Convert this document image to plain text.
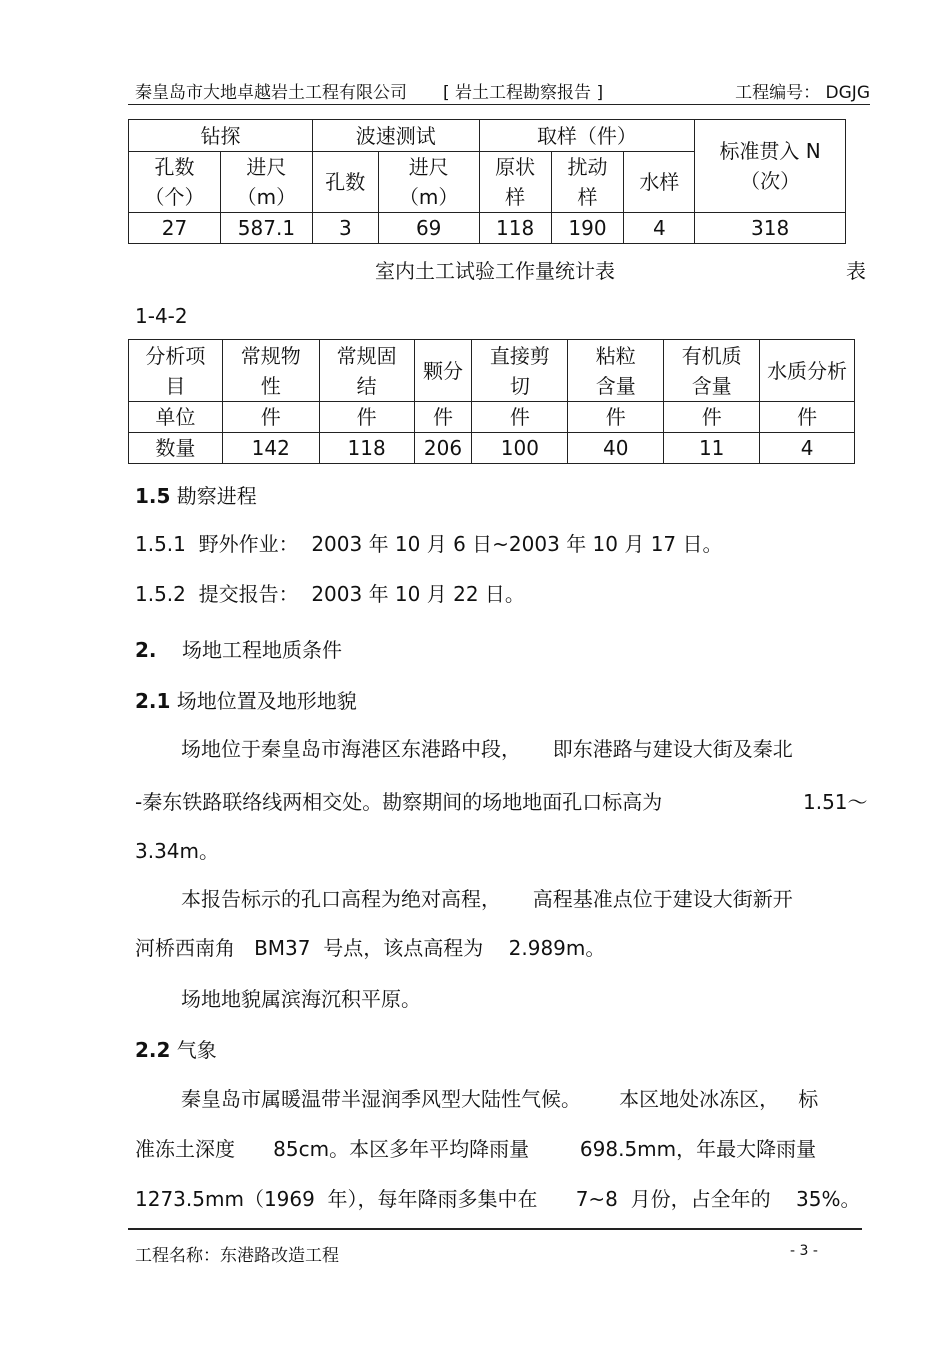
秦皇岛市大地卓越岩土工程有限公司 [ 岩土工程勘察报告 ]	工程编号： DGJG
钻探		波速测试		取样（件）			标准贯入 N（次）
孔数（个）	进尺（m）	孔数	进尺（m）	原状样	扰动样	水样	
27	587.1	3	69	118	190	4	318
室内土工试验工作量统计表	表
1-4-2
分析项目	常规物性	常规固结	颗分	直接剪切	粘粒含量	有机质含量	水质分析
单位	件	件	件	件	件	件	件
数量	142	118	206	100	40	11	4
1.5 勘察进程
1.5.1  野外作业：  2003 年 10 月 6 日~2003 年 10 月 17 日。
1.5.2  提交报告：  2003 年 10 月 22 日。
2.    场地工程地质条件
2.1 场地位置及地形地貌
场地位于秦皇岛市海港区东港路中段，     即东港路与建设大街及秦北
-秦东铁路联络线两相交处。勘察期间的场地地面孔口标高为	1.51～
3.34m。
本报告标示的孔口高程为绝对高程，     高程基准点位于建设大街新开
河桥西南角   BM37  号点，该点高程为    2.989m。
场地地貌属滨海沉积平原。
2.2 气象
秦皇岛市属暖温带半湿润季风型大陆性气候。      本区地处冰冻区，   标
准冻土深度      85cm。本区多年平均降雨量        698.5mm，年最大降雨量
1273.5mm（1969  年），每年降雨多集中在      7~8  月份，占全年的    35%。
工程名称：东港路改造工程	- 3 -
